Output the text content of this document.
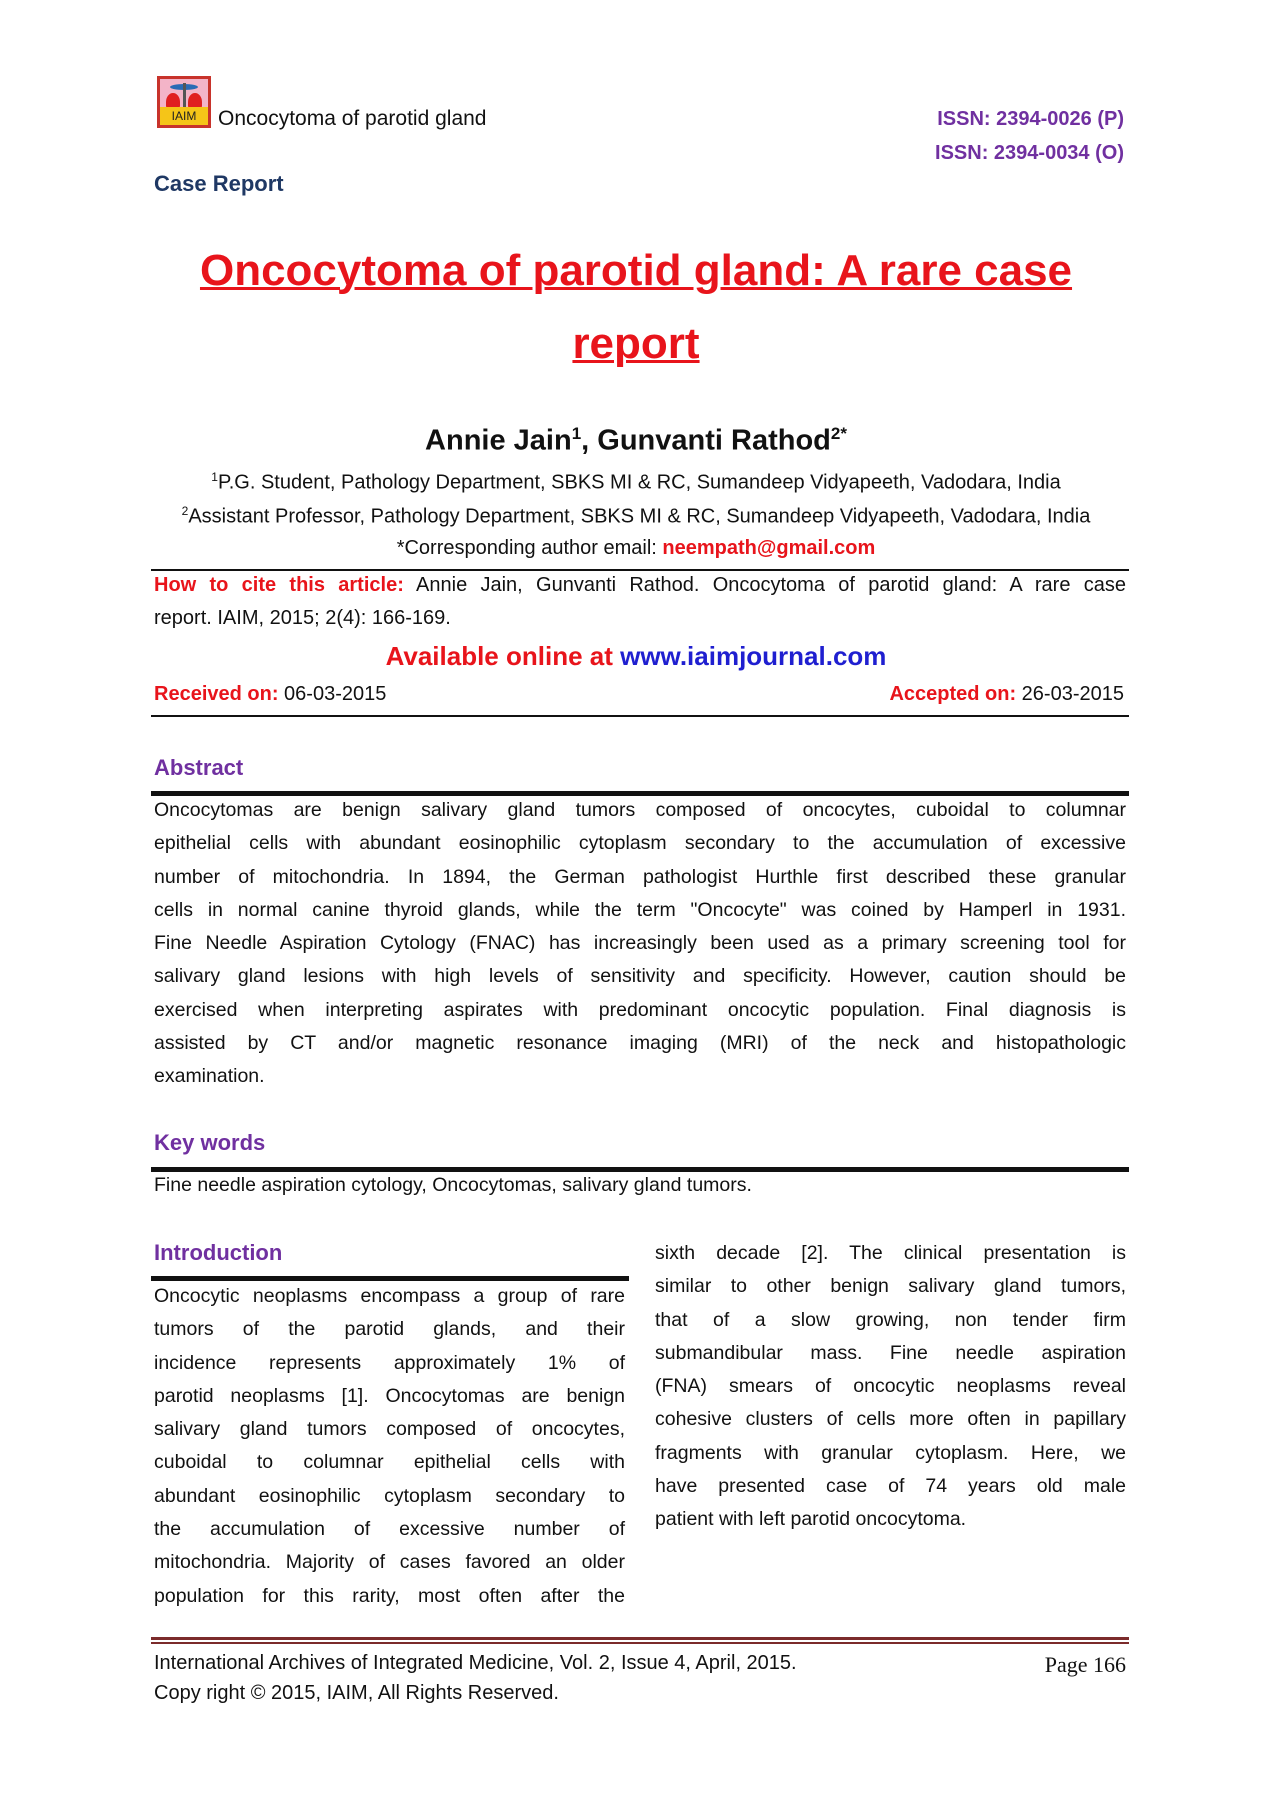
IAIM	Oncocytoma of parotid gland	ISSN: 2394-0026 (P)
ISSN: 2394-0034 (O)
Case Report
Oncocytoma of parotid gland: A rare case
report
Annie Jain$^1$, Gunvanti Rathod$^{2*}$
$^1$P.G. Student, Pathology Department, SBKS MI & RC, Sumandeep Vidyapeeth, Vadodara, India
$^2$Assistant Professor, Pathology Department, SBKS MI & RC, Sumandeep Vidyapeeth, Vadodara, India
*Corresponding author email: neempath@gmail.com
How to cite this article: Annie Jain, Gunvanti Rathod. Oncocytoma of parotid gland: A rare case
report. IAIM, 2015; 2(4): 166-169.
Available online at www.iaimjournal.com
Received on: 06-03-2015	Accepted on: 26-03-2015
Abstract
Oncocytomas are benign salivary gland tumors composed of oncocytes, cuboidal to columnar
epithelial cells with abundant eosinophilic cytoplasm secondary to the accumulation of excessive
number of mitochondria. In 1894, the German pathologist Hurthle first described these granular
cells in normal canine thyroid glands, while the term "Oncocyte" was coined by Hamperl in 1931.
Fine Needle Aspiration Cytology (FNAC) has increasingly been used as a primary screening tool for
salivary gland lesions with high levels of sensitivity and specificity. However, caution should be
exercised when interpreting aspirates with predominant oncocytic population. Final diagnosis is
assisted by CT and/or magnetic resonance imaging (MRI) of the neck and histopathologic
examination.
Key words
Fine needle aspiration cytology, Oncocytomas, salivary gland tumors.
Introduction
Oncocytic neoplasms encompass a group of rare
tumors of the parotid glands, and their
incidence represents approximately 1% of
parotid neoplasms [1]. Oncocytomas are benign
salivary gland tumors composed of oncocytes,
cuboidal to columnar epithelial cells with
abundant eosinophilic cytoplasm secondary to
the accumulation of excessive number of
mitochondria. Majority of cases favored an older
population for this rarity, most often after the
sixth decade [2]. The clinical presentation is
similar to other benign salivary gland tumors,
that of a slow growing, non tender firm
submandibular mass. Fine needle aspiration
(FNA) smears of oncocytic neoplasms reveal
cohesive clusters of cells more often in papillary
fragments with granular cytoplasm. Here, we
have presented case of 74 years old male
patient with left parotid oncocytoma.
International Archives of Integrated Medicine, Vol. 2, Issue 4, April, 2015.	Page 166
Copy right © 2015, IAIM, All Rights Reserved.
